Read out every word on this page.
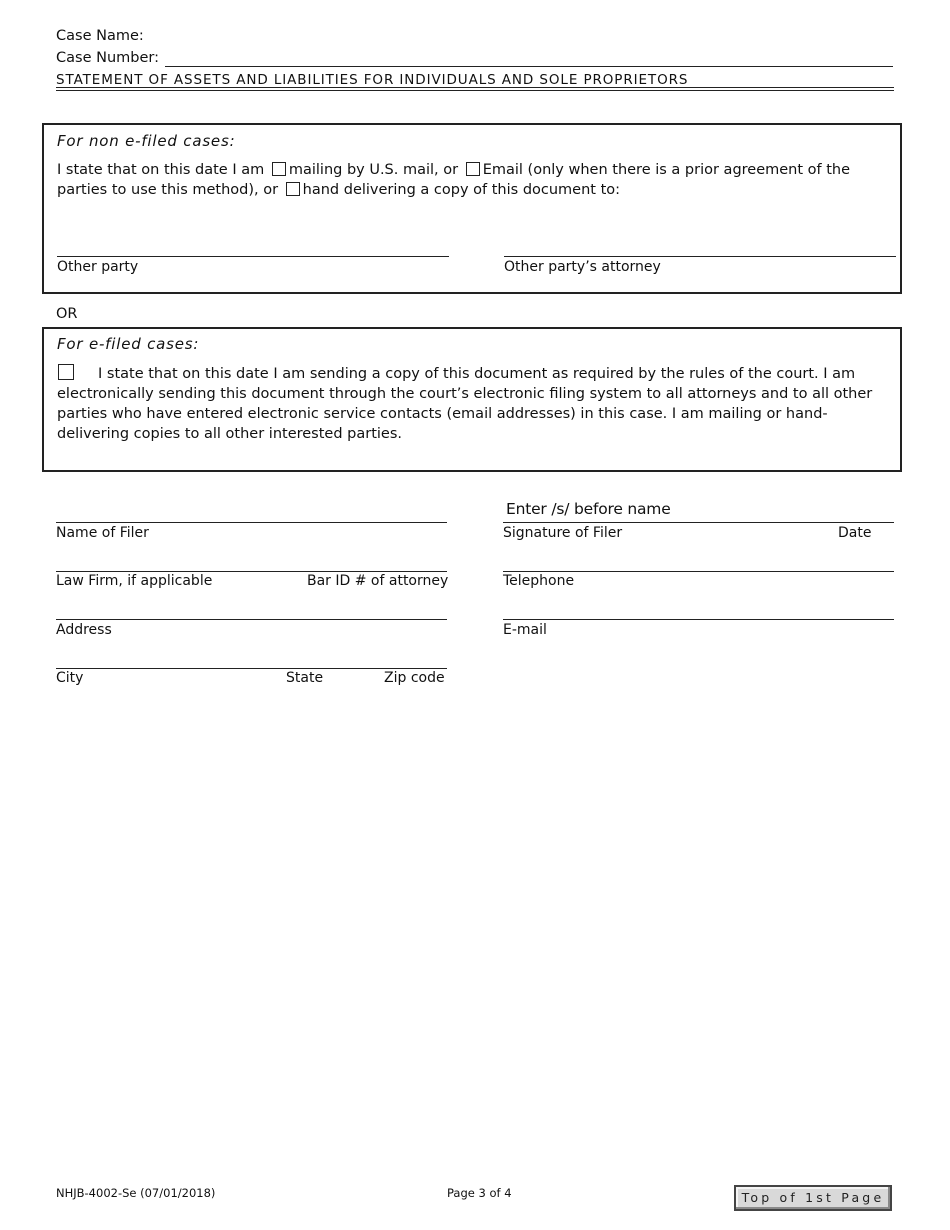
Case Name:
Case Number:
STATEMENT OF ASSETS AND LIABILITIES FOR INDIVIDUALS AND SOLE PROPRIETORS
For non e-filed cases:
I state that on this date I am mailing by U.S. mail, or Email (only when there is a prior agreement of the parties to use this method), or hand delivering a copy of this document to:
Other party	Other party’s attorney
OR
For e-filed cases:
I state that on this date I am sending a copy of this document as required by the rules of the court. I am electronically sending this document through the court’s electronic filing system to all attorneys and to all other parties who have entered electronic service contacts (email addresses) in this case. I am mailing or hand-delivering copies to all other interested parties.
Enter /s/ before name
Name of Filer	Signature of Filer	Date
Law Firm, if applicable	Bar ID # of attorney	Telephone
Address	E-mail
City	State	Zip code
NHJB-4002-Se (07/01/2018)	Page 3 of 4	Top of 1st Page
